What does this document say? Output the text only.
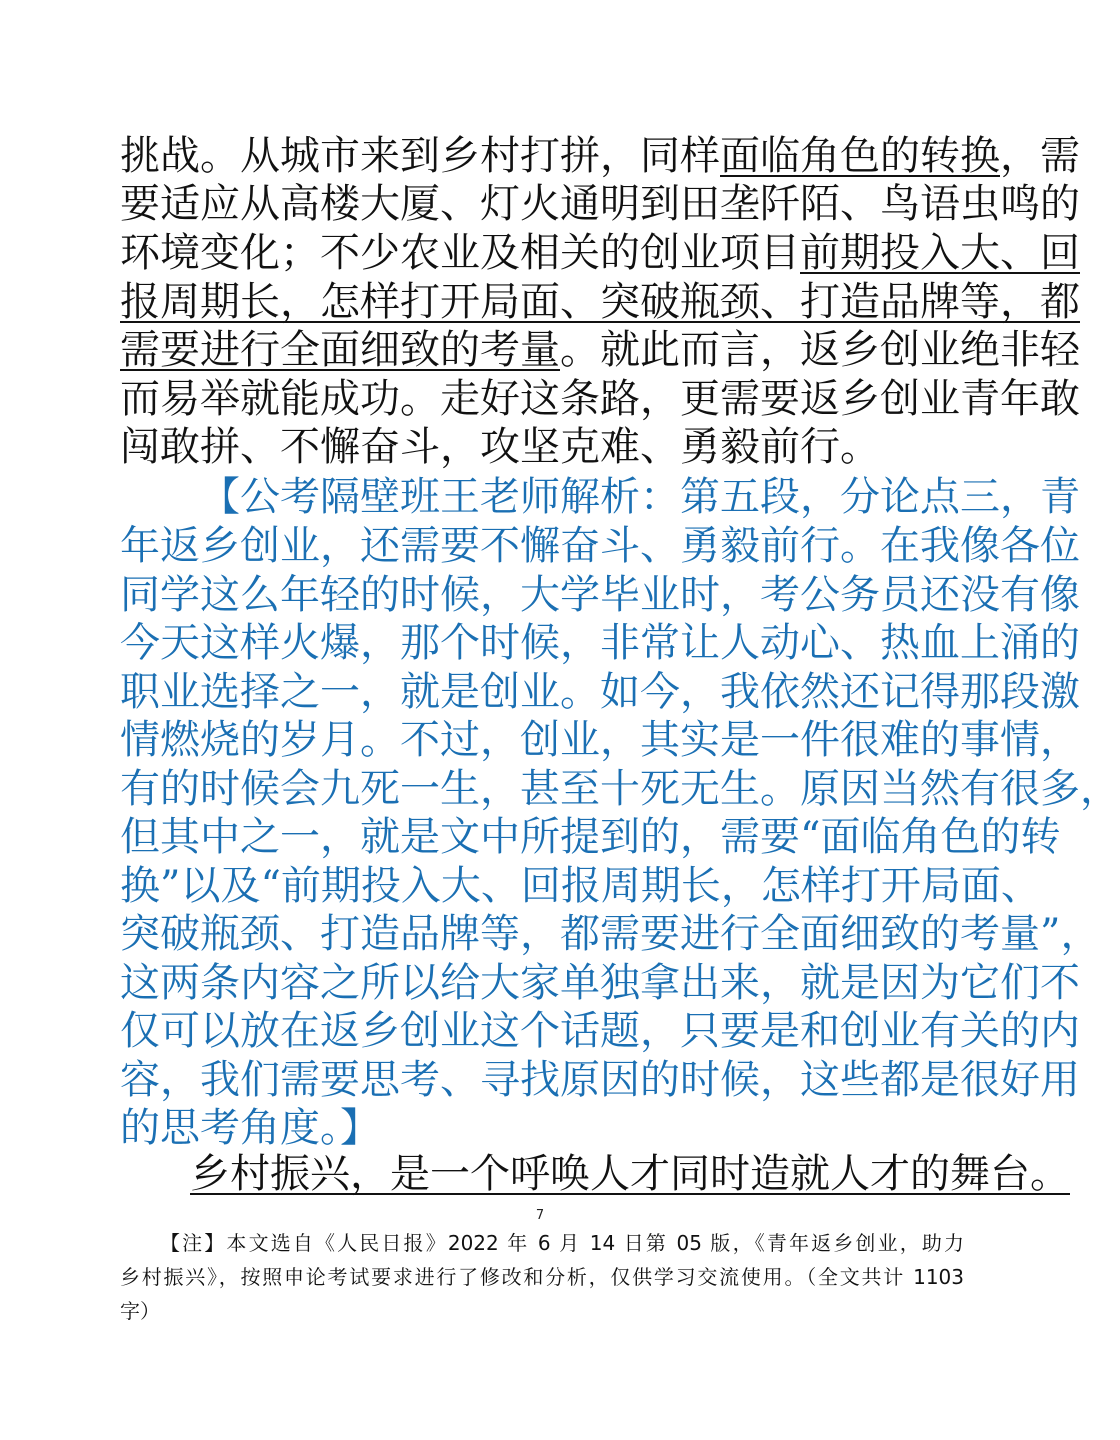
挑战。从城市来到乡村打拼，同样面临角色的转换，需
要适应从高楼大厦、灯火通明到田垄阡陌、鸟语虫鸣的
环境变化；不少农业及相关的创业项目前期投入大、回
报周期长，怎样打开局面、突破瓶颈、打造品牌等，都
需要进行全面细致的考量。就此而言，返乡创业绝非轻
而易举就能成功。走好这条路，更需要返乡创业青年敢
闯敢拼、不懈奋斗，攻坚克难、勇毅前行。
【公考隔壁班王老师解析：第五段，分论点三，青
年返乡创业，还需要不懈奋斗、勇毅前行。在我像各位
同学这么年轻的时候，大学毕业时，考公务员还没有像
今天这样火爆，那个时候，非常让人动心、热血上涌的
职业选择之一，就是创业。如今，我依然还记得那段激
情燃烧的岁月。不过，创业，其实是一件很难的事情，
有的时候会九死一生，甚至十死无生。原因当然有很多，
但其中之一，就是文中所提到的，需要“面临角色的转
换”以及“前期投入大、回报周期长，怎样打开局面、
突破瓶颈、打造品牌等，都需要进行全面细致的考量”，
这两条内容之所以给大家单独拿出来，就是因为它们不
仅可以放在返乡创业这个话题，只要是和创业有关的内
容，我们需要思考、寻找原因的时候，这些都是很好用
的思考角度。】
乡村振兴，是一个呼唤人才同时造就人才的舞台。
7
【注】本文选自《人民日报》2022 年 6 月 14 日第 05 版，《青年返乡创业，助力
乡村振兴》，按照申论考试要求进行了修改和分析，仅供学习交流使用。（全文共计 1103
字）
